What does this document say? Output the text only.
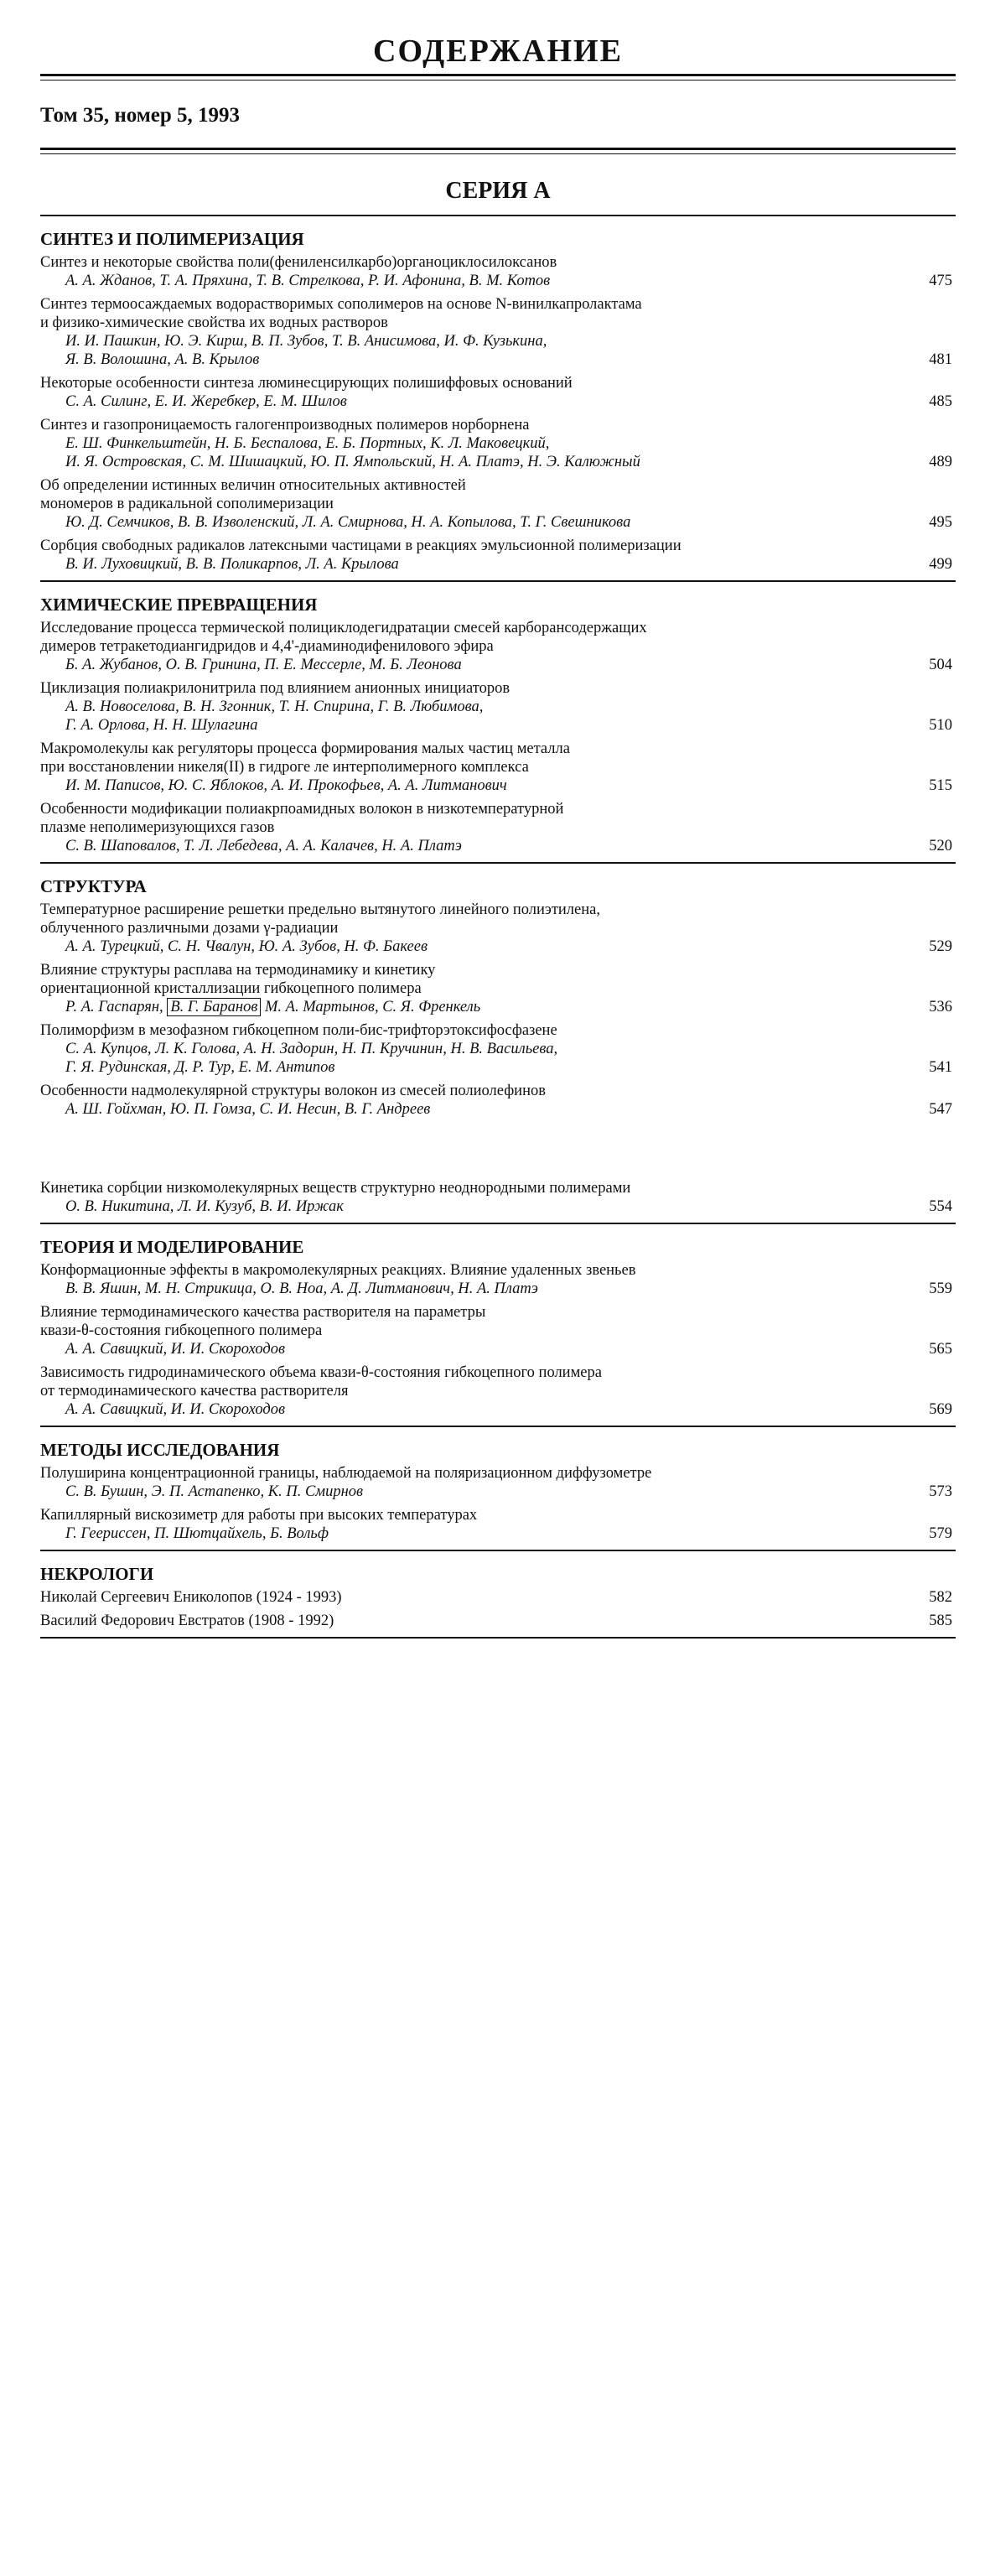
СОДЕРЖАНИЕ
Том 35, номер 5, 1993
СЕРИЯ А
СИНТЕЗ И ПОЛИМЕРИЗАЦИЯ
Синтез и некоторые свойства поли(фениленсилкарбо)органоциклосилоксанов
А. А. Жданов, Т. А. Пряхина, Т. В. Стрелкова, Р. И. Афонина, В. М. Котов	475
Синтез термоосаждаемых водорастворимых сополимеров на основе N-винилкапролактама
и физико-химические свойства их водных растворов
И. И. Пашкин, Ю. Э. Кирш, В. П. Зубов, Т. В. Анисимова, И. Ф. Кузькина,
Я. В. Волошина, А. В. Крылов	481
Некоторые особенности синтеза люминесцирующих полишиффовых оснований
С. А. Силинг, Е. И. Жеребкер, Е. М. Шилов	485
Синтез и газопроницаемость галогенпроизводных полимеров норборнена
Е. Ш. Финкельштейн, Н. Б. Беспалова, Е. Б. Портных, К. Л. Маковецкий,
И. Я. Островская, С. М. Шишацкий, Ю. П. Ямпольский, Н. А. Платэ, Н. Э. Калюжный	489
Об определении истинных величин относительных активностей
мономеров в радикальной сополимеризации
Ю. Д. Семчиков, В. В. Изволенский, Л. А. Смирнова, Н. А. Копылова, Т. Г. Свешникова	495
Сорбция свободных радикалов латексными частицами в реакциях эмульсионной полимеризации
В. И. Луховицкий, В. В. Поликарпов, Л. А. Крылова	499
ХИМИЧЕСКИЕ ПРЕВРАЩЕНИЯ
Исследование процесса термической полициклодегидратации смесей карборансодержащих
димеров тетракетодиангидридов и 4,4'-диаминодифенилового эфира
Б. А. Жубанов, О. В. Гринина, П. Е. Мессерле, М. Б. Леонова	504
Циклизация полиакрилонитрила под влиянием анионных инициаторов
А. В. Новоселова, В. Н. Згонник, Т. Н. Спирина, Г. В. Любимова,
Г. А. Орлова, Н. Н. Шулагина	510
Макромолекулы как регуляторы процесса формирования малых частиц металла
при восстановлении никеля(II) в гидроге ле интерполимерного комплекса
И. М. Паписов, Ю. С. Яблоков, А. И. Прокофьев, А. А. Литманович	515
Особенности модификации полиакрпоамидных волокон в низкотемпературной
плазме неполимеризующихся газов
С. В. Шаповалов, Т. Л. Лебедева, А. А. Калачев, Н. А. Платэ	520
СТРУКТУРА
Температурное расширение решетки предельно вытянутого линейного полиэтилена,
облученного различными дозами γ-радиации
А. А. Турецкий, С. Н. Чвалун, Ю. А. Зубов, Н. Ф. Бакеев	529
Влияние структуры расплава на термодинамику и кинетику
ориентационной кристаллизации гибкоцепного полимера
Р. А. Гаспарян, В. Г. Баранов М. А. Мартынов, С. Я. Френкель	536
Полиморфизм в мезофазном гибкоцепном поли-бис-трифторэтоксифосфазене
С. А. Купцов, Л. К. Голова, А. Н. Задорин, Н. П. Кручинин, Н. В. Васильева,
Г. Я. Рудинская, Д. Р. Тур, Е. М. Антипов	541
Особенности надмолекулярной структуры волокон из смесей полиолефинов
А. Ш. Гойхман, Ю. П. Гомза, С. И. Несин, В. Г. Андреев	547
Кинетика сорбции низкомолекулярных веществ структурно неоднородными полимерами
О. В. Никитина, Л. И. Кузуб, В. И. Иржак	554
ТЕОРИЯ И МОДЕЛИРОВАНИЕ
Конформационные эффекты в макромолекулярных реакциях. Влияние удаленных звеньев
В. В. Яшин, М. Н. Стрикица, О. В. Ноа, А. Д. Литманович, Н. А. Платэ	559
Влияние термодинамического качества растворителя на параметры
квази-θ-состояния гибкоцепного полимера
А. А. Савицкий, И. И. Скороходов	565
Зависимость гидродинамического объема квази-θ-состояния гибкоцепного полимера
от термодинамического качества растворителя
А. А. Савицкий, И. И. Скороходов	569
МЕТОДЫ ИССЛЕДОВАНИЯ
Полуширина концентрационной границы, наблюдаемой на поляризационном диффузометре
С. В. Бушин, Э. П. Астапенко, К. П. Смирнов	573
Капиллярный вискозиметр для работы при высоких температурах
Г. Геериссен, П. Шютцайхель, Б. Вольф	579
НЕКРОЛОГИ
Николай Сергеевич Ениколопов (1924 - 1993)	582
Василий Федорович Евстратов (1908 - 1992)	585
